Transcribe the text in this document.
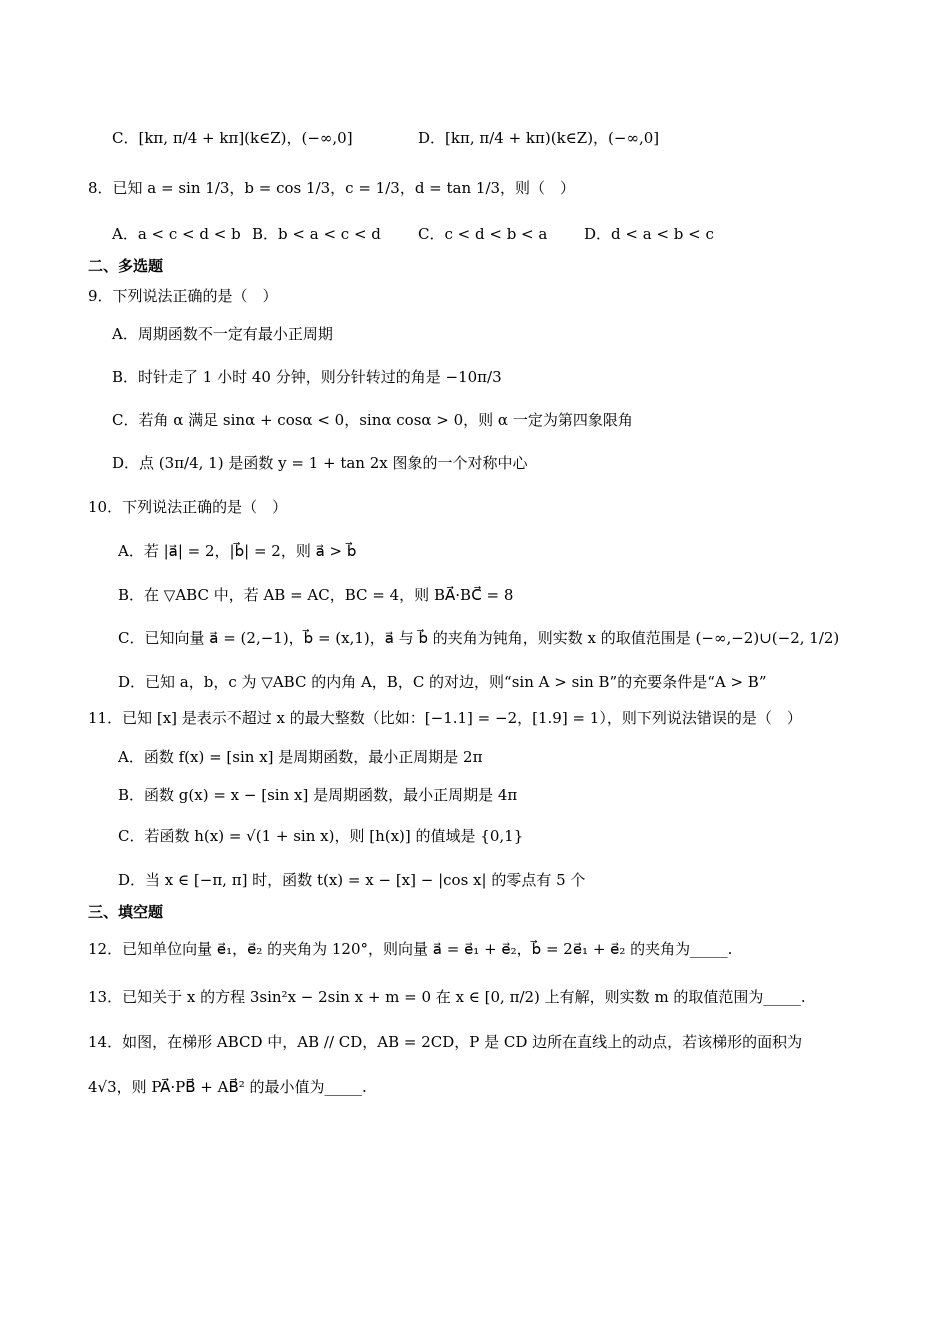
C．[kπ, π/4 + kπ](k∈Z)，(−∞,0]	D．[kπ, π/4 + kπ)(k∈Z)，(−∞,0]
8．已知 a = sin 1/3，b = cos 1/3，c = 1/3，d = tan 1/3，则（　）
A．a < c < d < b B．b < a < c < d C．c < d < b < a D．d < a < b < c
二、多选题
9．下列说法正确的是（　）
A．周期函数不一定有最小正周期
B．时针走了 1 小时 40 分钟，则分针转过的角是 −10π/3
C．若角 α 满足 sinα + cosα < 0，sinα cosα > 0，则 α 一定为第四象限角
D．点 (3π/4, 1) 是函数 y = 1 + tan 2x 图象的一个对称中心
10．下列说法正确的是（　）
A．若 |a⃗| = 2，|b⃗| = 2，则 a⃗ > b⃗
B．在 ▽ABC 中，若 AB = AC，BC = 4，则 BA⃗·BC⃗ = 8
C．已知向量 a⃗ = (2,−1)，b⃗ = (x,1)，a⃗ 与 b⃗ 的夹角为钝角，则实数 x 的取值范围是 (−∞,−2)∪(−2, 1/2)
D．已知 a，b，c 为 ▽ABC 的内角 A，B，C 的对边，则“sin A > sin B”的充要条件是“A > B”
11．已知 [x] 是表示不超过 x 的最大整数（比如：[−1.1] = −2，[1.9] = 1），则下列说法错误的是（　）
A．函数 f(x) = [sin x] 是周期函数，最小正周期是 2π
B．函数 g(x) = x − [sin x] 是周期函数，最小正周期是 4π
C．若函数 h(x) = √(1 + sin x)，则 [h(x)] 的值域是 {0,1}
D．当 x ∈ [−π, π] 时，函数 t(x) = x − [x] − |cos x| 的零点有 5 个
三、填空题
12．已知单位向量 e⃗₁，e⃗₂ 的夹角为 120°，则向量 a⃗ = e⃗₁ + e⃗₂，b⃗ = 2e⃗₁ + e⃗₂ 的夹角为_____.
13．已知关于 x 的方程 3sin²x − 2sin x + m = 0 在 x ∈ [0, π/2) 上有解，则实数 m 的取值范围为_____.
14．如图，在梯形 ABCD 中，AB // CD，AB = 2CD，P 是 CD 边所在直线上的动点，若该梯形的面积为
4√3，则 PA⃗·PB⃗ + AB⃗² 的最小值为_____.
